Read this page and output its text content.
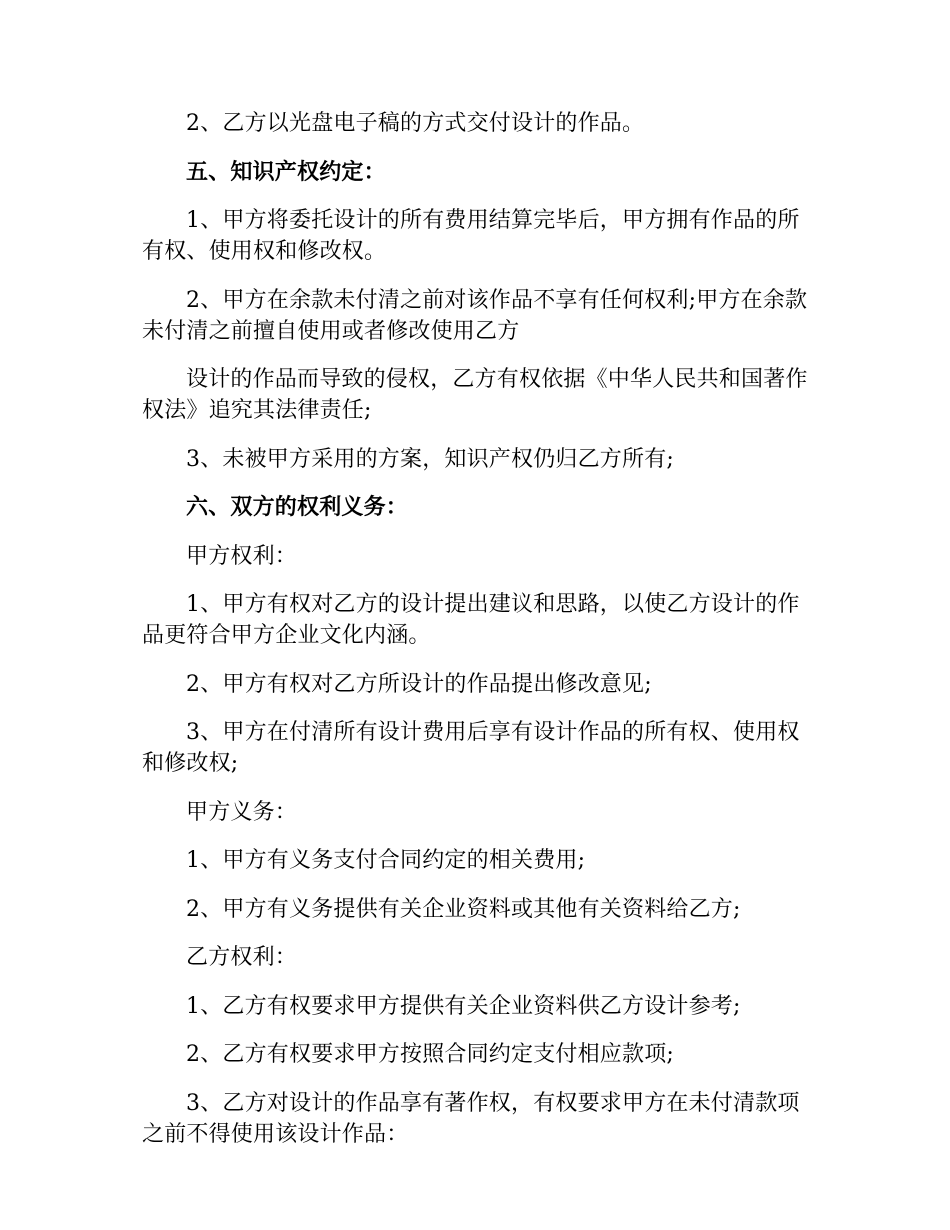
2、乙方以光盘电子稿的方式交付设计的作品。

五、知识产权约定：

1、甲方将委托设计的所有费用结算完毕后，甲方拥有作品的所有权、使用权和修改权。

2、甲方在余款未付清之前对该作品不享有任何权利;甲方在余款未付清之前擅自使用或者修改使用乙方

设计的作品而导致的侵权，乙方有权依据《中华人民共和国著作权法》追究其法律责任;

3、未被甲方采用的方案，知识产权仍归乙方所有;

六、双方的权利义务：

甲方权利：

1、甲方有权对乙方的设计提出建议和思路，以使乙方设计的作品更符合甲方企业文化内涵。

2、甲方有权对乙方所设计的作品提出修改意见;

3、甲方在付清所有设计费用后享有设计作品的所有权、使用权和修改权;

甲方义务：

1、甲方有义务支付合同约定的相关费用;

2、甲方有义务提供有关企业资料或其他有关资料给乙方;

乙方权利：

1、乙方有权要求甲方提供有关企业资料供乙方设计参考;

2、乙方有权要求甲方按照合同约定支付相应款项;

3、乙方对设计的作品享有著作权，有权要求甲方在未付清款项之前不得使用该设计作品：
